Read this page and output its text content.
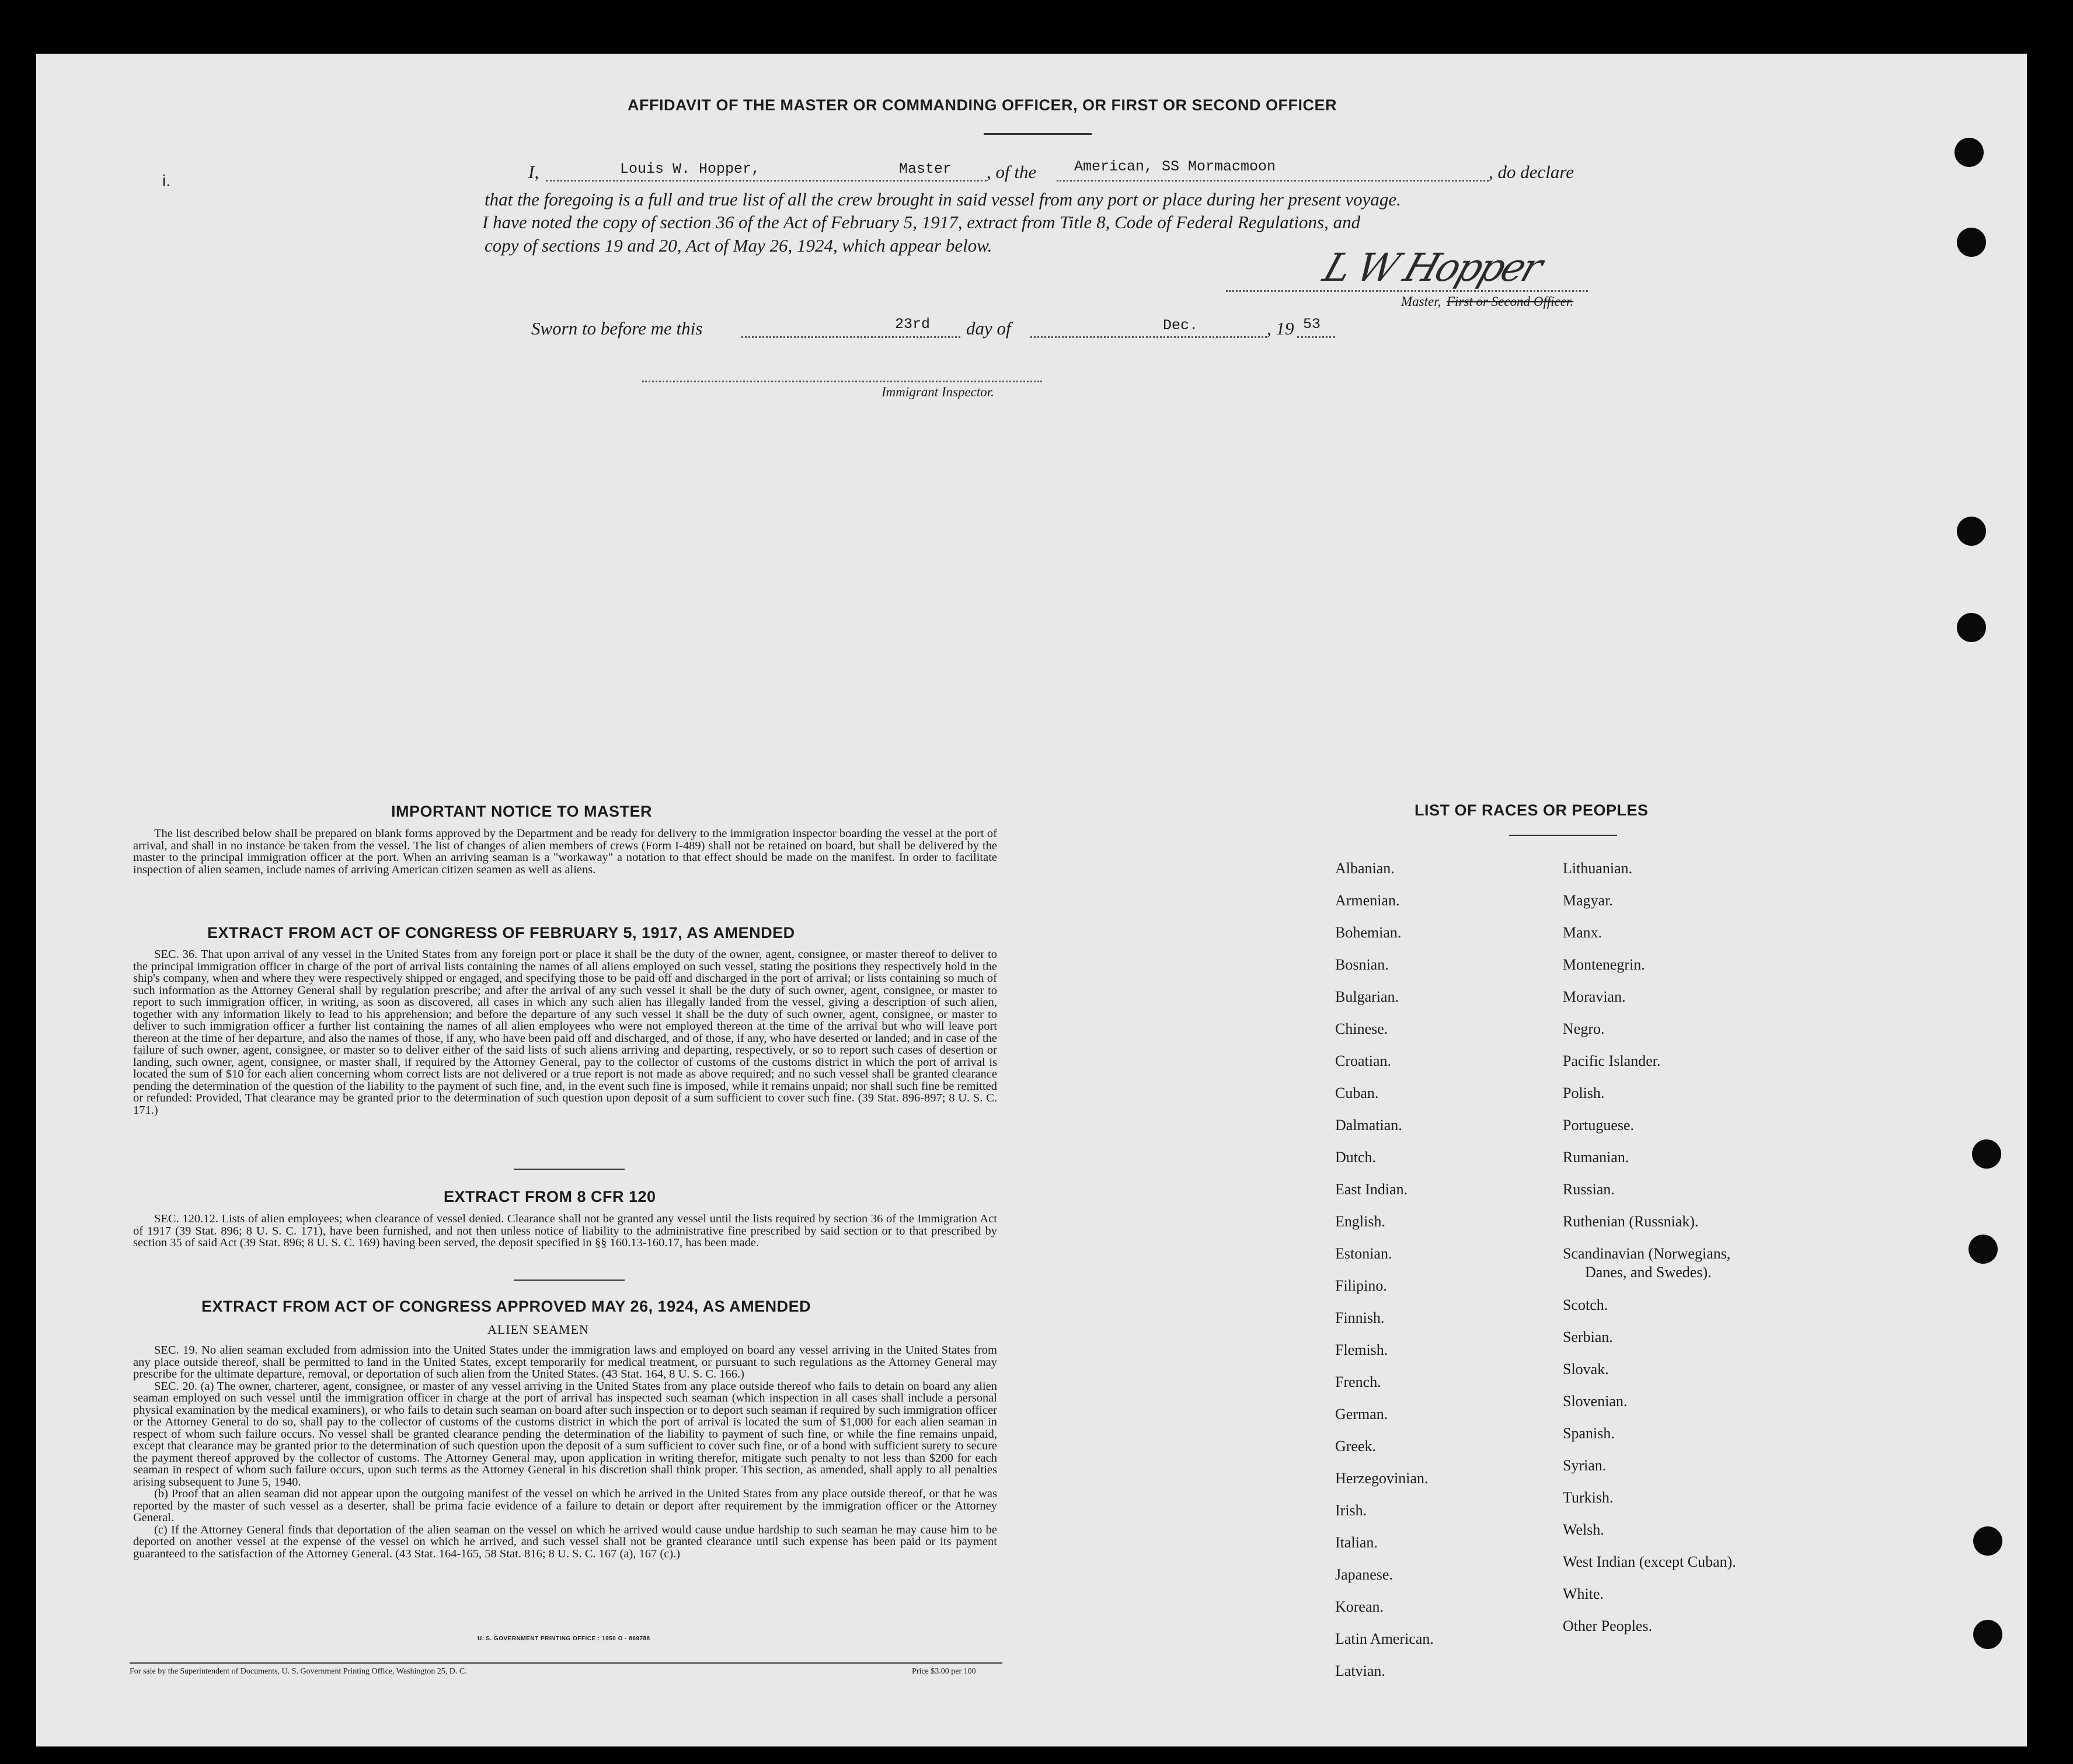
AFFIDAVIT OF THE MASTER OR COMMANDING OFFICER, OR FIRST OR SECOND OFFICER
i.	I,	Louis W. Hopper,	Master , of the	American, SS Mormacmoon	, do declare
that the foregoing is a full and true list of all the crew brought in said vessel from any port or place during her present voyage.
I have noted the copy of section 36 of the Act of February 5, 1917, extract from Title 8, Code of Federal Regulations, and
copy of sections 19 and 20, Act of May 26, 1924, which appear below.	L W Hopper
Master, First or Second Officer.
Sworn to before me this	23rd day of	Dec.	, 19 53
Immigrant Inspector.
IMPORTANT NOTICE TO MASTER
The list described below shall be prepared on blank forms approved by the Department and be ready for delivery to the immigration inspector boarding the vessel at the port of arrival, and shall in no instance be taken from the vessel. The list of changes of alien members of crews (Form I-489) shall not be retained on board, but shall be delivered by the master to the principal immigration officer at the port. When an arriving seaman is a "workaway" a notation to that effect should be made on the manifest. In order to facilitate inspection of alien seamen, include names of arriving American citizen seamen as well as aliens.
EXTRACT FROM ACT OF CONGRESS OF FEBRUARY 5, 1917, AS AMENDED
SEC. 36. That upon arrival of any vessel in the United States from any foreign port or place it shall be the duty of the owner, agent, consignee, or master thereof to deliver to the principal immigration officer in charge of the port of arrival lists containing the names of all aliens employed on such vessel, stating the positions they respectively hold in the ship's company, when and where they were respectively shipped or engaged, and specifying those to be paid off and discharged in the port of arrival; or lists containing so much of such information as the Attorney General shall by regulation prescribe; and after the arrival of any such vessel it shall be the duty of such owner, agent, consignee, or master to report to such immigration officer, in writing, as soon as discovered, all cases in which any such alien has illegally landed from the vessel, giving a description of such alien, together with any information likely to lead to his apprehension; and before the departure of any such vessel it shall be the duty of such owner, agent, consignee, or master to deliver to such immigration officer a further list containing the names of all alien employees who were not employed thereon at the time of the arrival but who will leave port thereon at the time of her departure, and also the names of those, if any, who have been paid off and discharged, and of those, if any, who have deserted or landed; and in case of the failure of such owner, agent, consignee, or master so to deliver either of the said lists of such aliens arriving and departing, respectively, or so to report such cases of desertion or landing, such owner, agent, consignee, or master shall, if required by the Attorney General, pay to the collector of customs of the customs district in which the port of arrival is located the sum of $10 for each alien concerning whom correct lists are not delivered or a true report is not made as above required; and no such vessel shall be granted clearance pending the determination of the question of the liability to the payment of such fine, and, in the event such fine is imposed, while it remains unpaid; nor shall such fine be remitted or refunded: Provided, That clearance may be granted prior to the determination of such question upon deposit of a sum sufficient to cover such fine. (39 Stat. 896-897; 8 U. S. C. 171.)
EXTRACT FROM 8 CFR 120
SEC. 120.12. Lists of alien employees; when clearance of vessel denied. Clearance shall not be granted any vessel until the lists required by section 36 of the Immigration Act of 1917 (39 Stat. 896; 8 U. S. C. 171), have been furnished, and not then unless notice of liability to the administrative fine prescribed by said section or to that prescribed by section 35 of said Act (39 Stat. 896; 8 U. S. C. 169) having been served, the deposit specified in §§ 160.13-160.17, has been made.
EXTRACT FROM ACT OF CONGRESS APPROVED MAY 26, 1924, AS AMENDED
ALIEN SEAMEN

SEC. 19. No alien seaman excluded from admission into the United States under the immigration laws and employed on board any vessel arriving in the United States from any place outside thereof, shall be permitted to land in the United States, except temporarily for medical treatment, or pursuant to such regulations as the Attorney General may prescribe for the ultimate departure, removal, or deportation of such alien from the United States. (43 Stat. 164, 8 U. S. C. 166.)

SEC. 20. (a) The owner, charterer, agent, consignee, or master of any vessel arriving in the United States from any place outside thereof who fails to detain on board any alien seaman employed on such vessel until the immigration officer in charge at the port of arrival has inspected such seaman (which inspection in all cases shall include a personal physical examination by the medical examiners), or who fails to detain such seaman on board after such inspection or to deport such seaman if required by such immigration officer or the Attorney General to do so, shall pay to the collector of customs of the customs district in which the port of arrival is located the sum of $1,000 for each alien seaman in respect of whom such failure occurs. No vessel shall be granted clearance pending the determination of the liability to payment of such fine, or while the fine remains unpaid, except that clearance may be granted prior to the determination of such question upon the deposit of a sum sufficient to cover such fine, or of a bond with sufficient surety to secure the payment thereof approved by the collector of customs. The Attorney General may, upon application in writing therefor, mitigate such penalty to not less than $200 for each seaman in respect of whom such failure occurs, upon such terms as the Attorney General in his discretion shall think proper. This section, as amended, shall apply to all penalties arising subsequent to June 5, 1940.

(b) Proof that an alien seaman did not appear upon the outgoing manifest of the vessel on which he arrived in the United States from any place outside thereof, or that he was reported by the master of such vessel as a deserter, shall be prima facie evidence of a failure to detain or deport after requirement by the immigration officer or the Attorney General.

(c) If the Attorney General finds that deportation of the alien seaman on the vessel on which he arrived would cause undue hardship to such seaman he may cause him to be deported on another vessel at the expense of the vessel on which he arrived, and such vessel shall not be granted clearance until such expense has been paid or its payment guaranteed to the satisfaction of the Attorney General. (43 Stat. 164-165, 58 Stat. 816; 8 U. S. C. 167 (a), 167 (c).)

U. S. GOVERNMENT PRINTING OFFICE : 1950 O - 869788
For sale by the Superintendent of Documents, U. S. Government Printing Office, Washington 25, D. C.	Price $3.00 per 100
LIST OF RACES OR PEOPLES
Albanian.
Armenian.
Bohemian.
Bosnian.
Bulgarian.
Chinese.
Croatian.
Cuban.
Dalmatian.
Dutch.
East Indian.
English.
Estonian.
Filipino.
Finnish.
Flemish.
French.
German.
Greek.
Herzegovinian.
Irish.
Italian.
Japanese.
Korean.
Latin American.
Latvian.
Lithuanian.
Magyar.
Manx.
Montenegrin.
Moravian.
Negro.
Pacific Islander.
Polish.
Portuguese.
Rumanian.
Russian.
Ruthenian (Russniak).
Scandinavian (Norwegians,
Danes, and Swedes).
Scotch.
Serbian.
Slovak.
Slovenian.
Spanish.
Syrian.
Turkish.
Welsh.
West Indian (except Cuban).
White.
Other Peoples.
